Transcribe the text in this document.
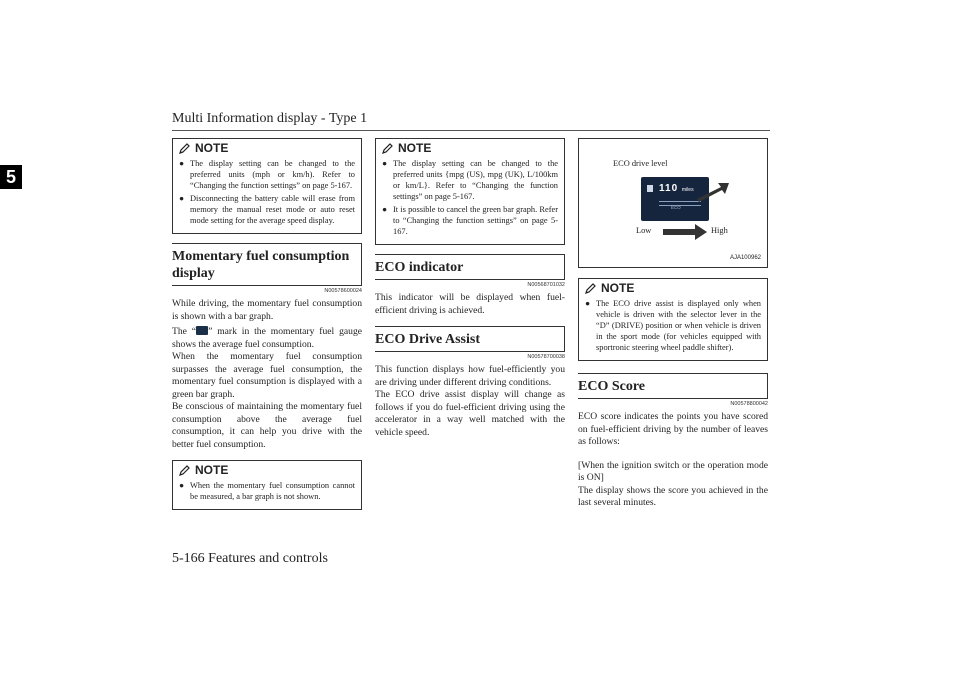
Multi Information display - Type 1
5
NOTE
● The display setting can be changed to the preferred units (mph or km/h). Refer to “Changing the function settings” on page 5-167.
● Disconnecting the battery cable will erase from memory the manual reset mode or auto reset mode setting for the average speed display.
Momentary fuel consumption display
N00578600024

While driving, the momentary fuel consumption is shown with a bar graph.

The “ ” mark in the momentary fuel gauge shows the average fuel consumption.

When the momentary fuel consumption surpasses the average fuel consumption, the momentary fuel consumption is displayed with a green bar graph.

Be conscious of maintaining the momentary fuel consumption above the average fuel consumption, it can help you drive with the better fuel consumption.

NOTE
● When the momentary fuel consumption cannot be measured, a bar graph is not shown.
NOTE
● The display setting can be changed to the preferred units {mpg (US), mpg (UK), L/100km or km/L}. Refer to “Changing the function settings” on page 5-167.
● It is possible to cancel the green bar graph. Refer to “Changing the function settings” on page 5-167.
ECO indicator
N00568701032

This indicator will be displayed when fuel-efficient driving is achieved.

ECO Drive Assist
N00578700038

This function displays how fuel-efficiently you are driving under different driving conditions.

The ECO drive assist display will change as follows if you do fuel-efficient driving using the accelerator in a way well matched with the vehicle speed.

ECO drive level
110 miles
ECO
Low	High
AJA100962
NOTE
● The ECO drive assist is displayed only when vehicle is driven with the selector lever in the “D” (DRIVE) position or when vehicle is driven in the sport mode (for vehicles equipped with sportronic steering wheel paddle shifter).
ECO Score
N00578800042

ECO score indicates the points you have scored on fuel-efficient driving by the number of leaves as follows:

[When the ignition switch or the operation mode is ON]

The display shows the score you achieved in the last several minutes.

5-166 Features and controls
